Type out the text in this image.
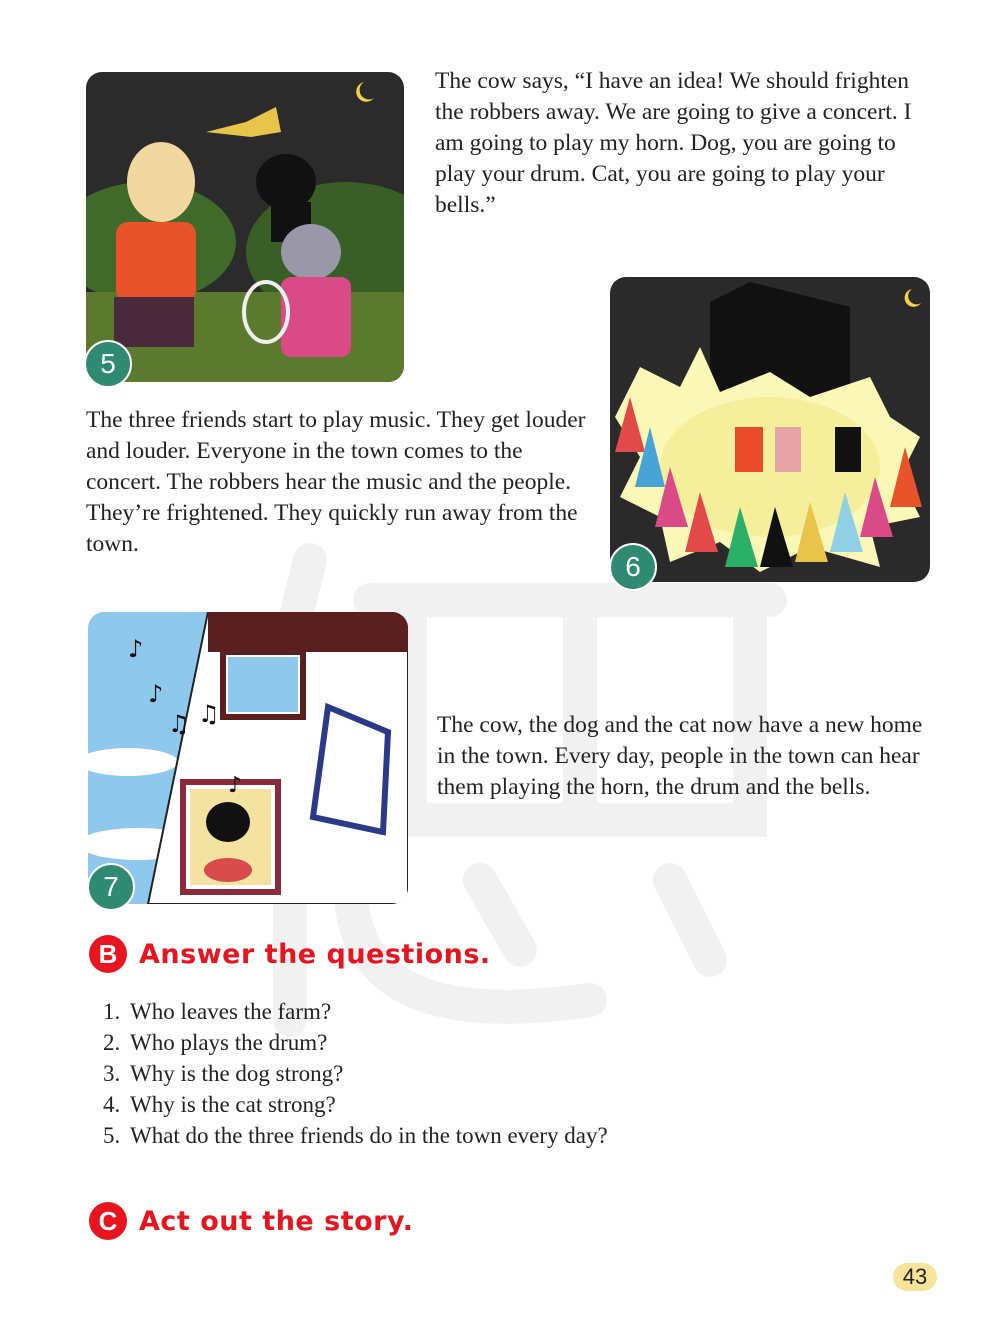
5

The cow says, “I have an idea! We should frighten the robbers away. We are going to give a concert. I am going to play my horn. Dog, you are going to play your drum. Cat, you are going to play your bells.”

The three friends start to play music. They get louder and louder. Everyone in the town comes to the concert. The robbers hear the music and the people. They’re frightened. They quickly run away from the town.

6
♪
♪
♫ ♫
♪
7

The cow, the dog and the cat now have a new home in the town. Every day, people in the town can hear them playing the horn, the drum and the bells.

B Answer the questions.
1. Who leaves the farm?
2. Who plays the drum?
3. Why is the dog strong?
4. Why is the cat strong?
5. What do the three friends do in the town every day?
C Act out the story.
43
